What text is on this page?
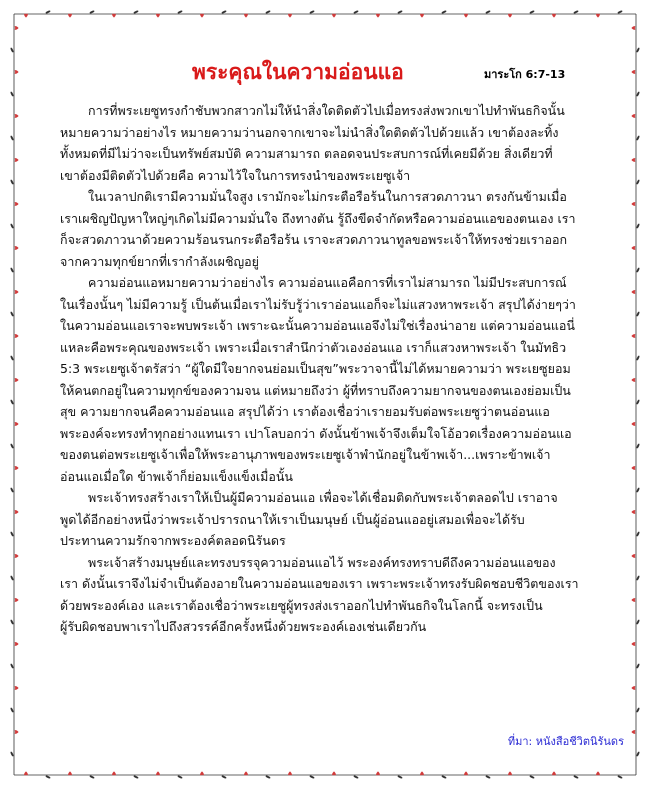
พระคุณในความอ่อนแอ	มาระโก 6:7-13
การที่พระเยซูทรงกำชับพวกสาวกไม่ให้นำสิ่งใดติดตัวไปเมื่อทรงส่งพวกเขาไปทำพันธกิจนั้น
หมายความว่าอย่างไร หมายความว่านอกจากเขาจะไม่นำสิ่งใดติดตัวไปด้วยแล้ว เขาต้องละทิ้ง
ทั้งหมดที่มีไม่ว่าจะเป็นทรัพย์สมบัติ ความสามารถ ตลอดจนประสบการณ์ที่เคยมีด้วย สิ่งเดียวที่
เขาต้องมีติดตัวไปด้วยคือ ความไว้ใจในการทรงนำของพระเยซูเจ้า
ในเวลาปกติเรามีความมั่นใจสูง เรามักจะไม่กระตือรือร้นในการสวดภาวนา ตรงกันข้ามเมื่อ
เราเผชิญปัญหาใหญ่ๆเกิดไม่มีความมั่นใจ ถึงทางตัน รู้ถึงขีดจำกัดหรือความอ่อนแอของตนเอง เรา
ก็จะสวดภาวนาด้วยความร้อนรนกระตือรือร้น เราจะสวดภาวนาทูลขอพระเจ้าให้ทรงช่วยเราออก
จากความทุกข์ยากที่เรากำลังเผชิญอยู่
ความอ่อนแอหมายความว่าอย่างไร ความอ่อนแอคือการที่เราไม่สามารถ ไม่มีประสบการณ์
ในเรื่องนั้นๆ ไม่มีความรู้ เป็นต้นเมื่อเราไม่รับรู้ว่าเราอ่อนแอก็จะไม่แสวงหาพระเจ้า สรุปได้ง่ายๆว่า
ในความอ่อนแอเราจะพบพระเจ้า เพราะฉะนั้นความอ่อนแอจึงไม่ใช่เรื่องน่าอาย แต่ความอ่อนแอนี่
แหละคือพระคุณของพระเจ้า เพราะเมื่อเราสำนึกว่าตัวเองอ่อนแอ เราก็แสวงหาพระเจ้า ในมัทธิว
5:3 พระเยซูเจ้าตรัสว่า “ผู้ใดมีใจยากจนย่อมเป็นสุข”พระวาจานี้ไม่ได้หมายความว่า พระเยซูยอม
ให้คนตกอยู่ในความทุกข์ของความจน แต่หมายถึงว่า ผู้ที่ทราบถึงความยากจนของตนเองย่อมเป็น
สุข ความยากจนคือความอ่อนแอ สรุปได้ว่า เราต้องเชื่อว่าเรายอมรับต่อพระเยซูว่าตนอ่อนแอ
พระองค์จะทรงทำทุกอย่างแทนเรา เปาโลบอกว่า ดังนั้นข้าพเจ้าจึงเต็มใจโอ้อวดเรื่องความอ่อนแอ
ของตนต่อพระเยซูเจ้าเพื่อให้พระอานุภาพของพระเยซูเจ้าพำนักอยู่ในข้าพเจ้า...เพราะข้าพเจ้า
อ่อนแอเมื่อใด ข้าพเจ้าก็ย่อมแข็งแข็งเมื่อนั้น
พระเจ้าทรงสร้างเราให้เป็นผู้มีความอ่อนแอ เพื่อจะได้เชื่อมติดกับพระเจ้าตลอดไป เราอาจ
พูดได้อีกอย่างหนึ่งว่าพระเจ้าปรารถนาให้เราเป็นมนุษย์ เป็นผู้อ่อนแออยู่เสมอเพื่อจะได้รับ
ประทานความรักจากพระองค์ตลอดนิรันดร
พระเจ้าสร้างมนุษย์และทรงบรรจุความอ่อนแอไว้ พระองค์ทรงทราบดีถึงความอ่อนแอของ
เรา ดังนั้นเราจึงไม่จำเป็นต้องอายในความอ่อนแอของเรา เพราะพระเจ้าทรงรับผิดชอบชีวิตของเรา
ด้วยพระองค์เอง และเราต้องเชื่อว่าพระเยซูผู้ทรงส่งเราออกไปทำพันธกิจในโลกนี้ จะทรงเป็น
ผู้รับผิดชอบพาเราไปถึงสวรรค์อีกครั้งหนึ่งด้วยพระองค์เองเช่นเดียวกัน
ที่มา: หนังสือชีวิตนิรันดร
